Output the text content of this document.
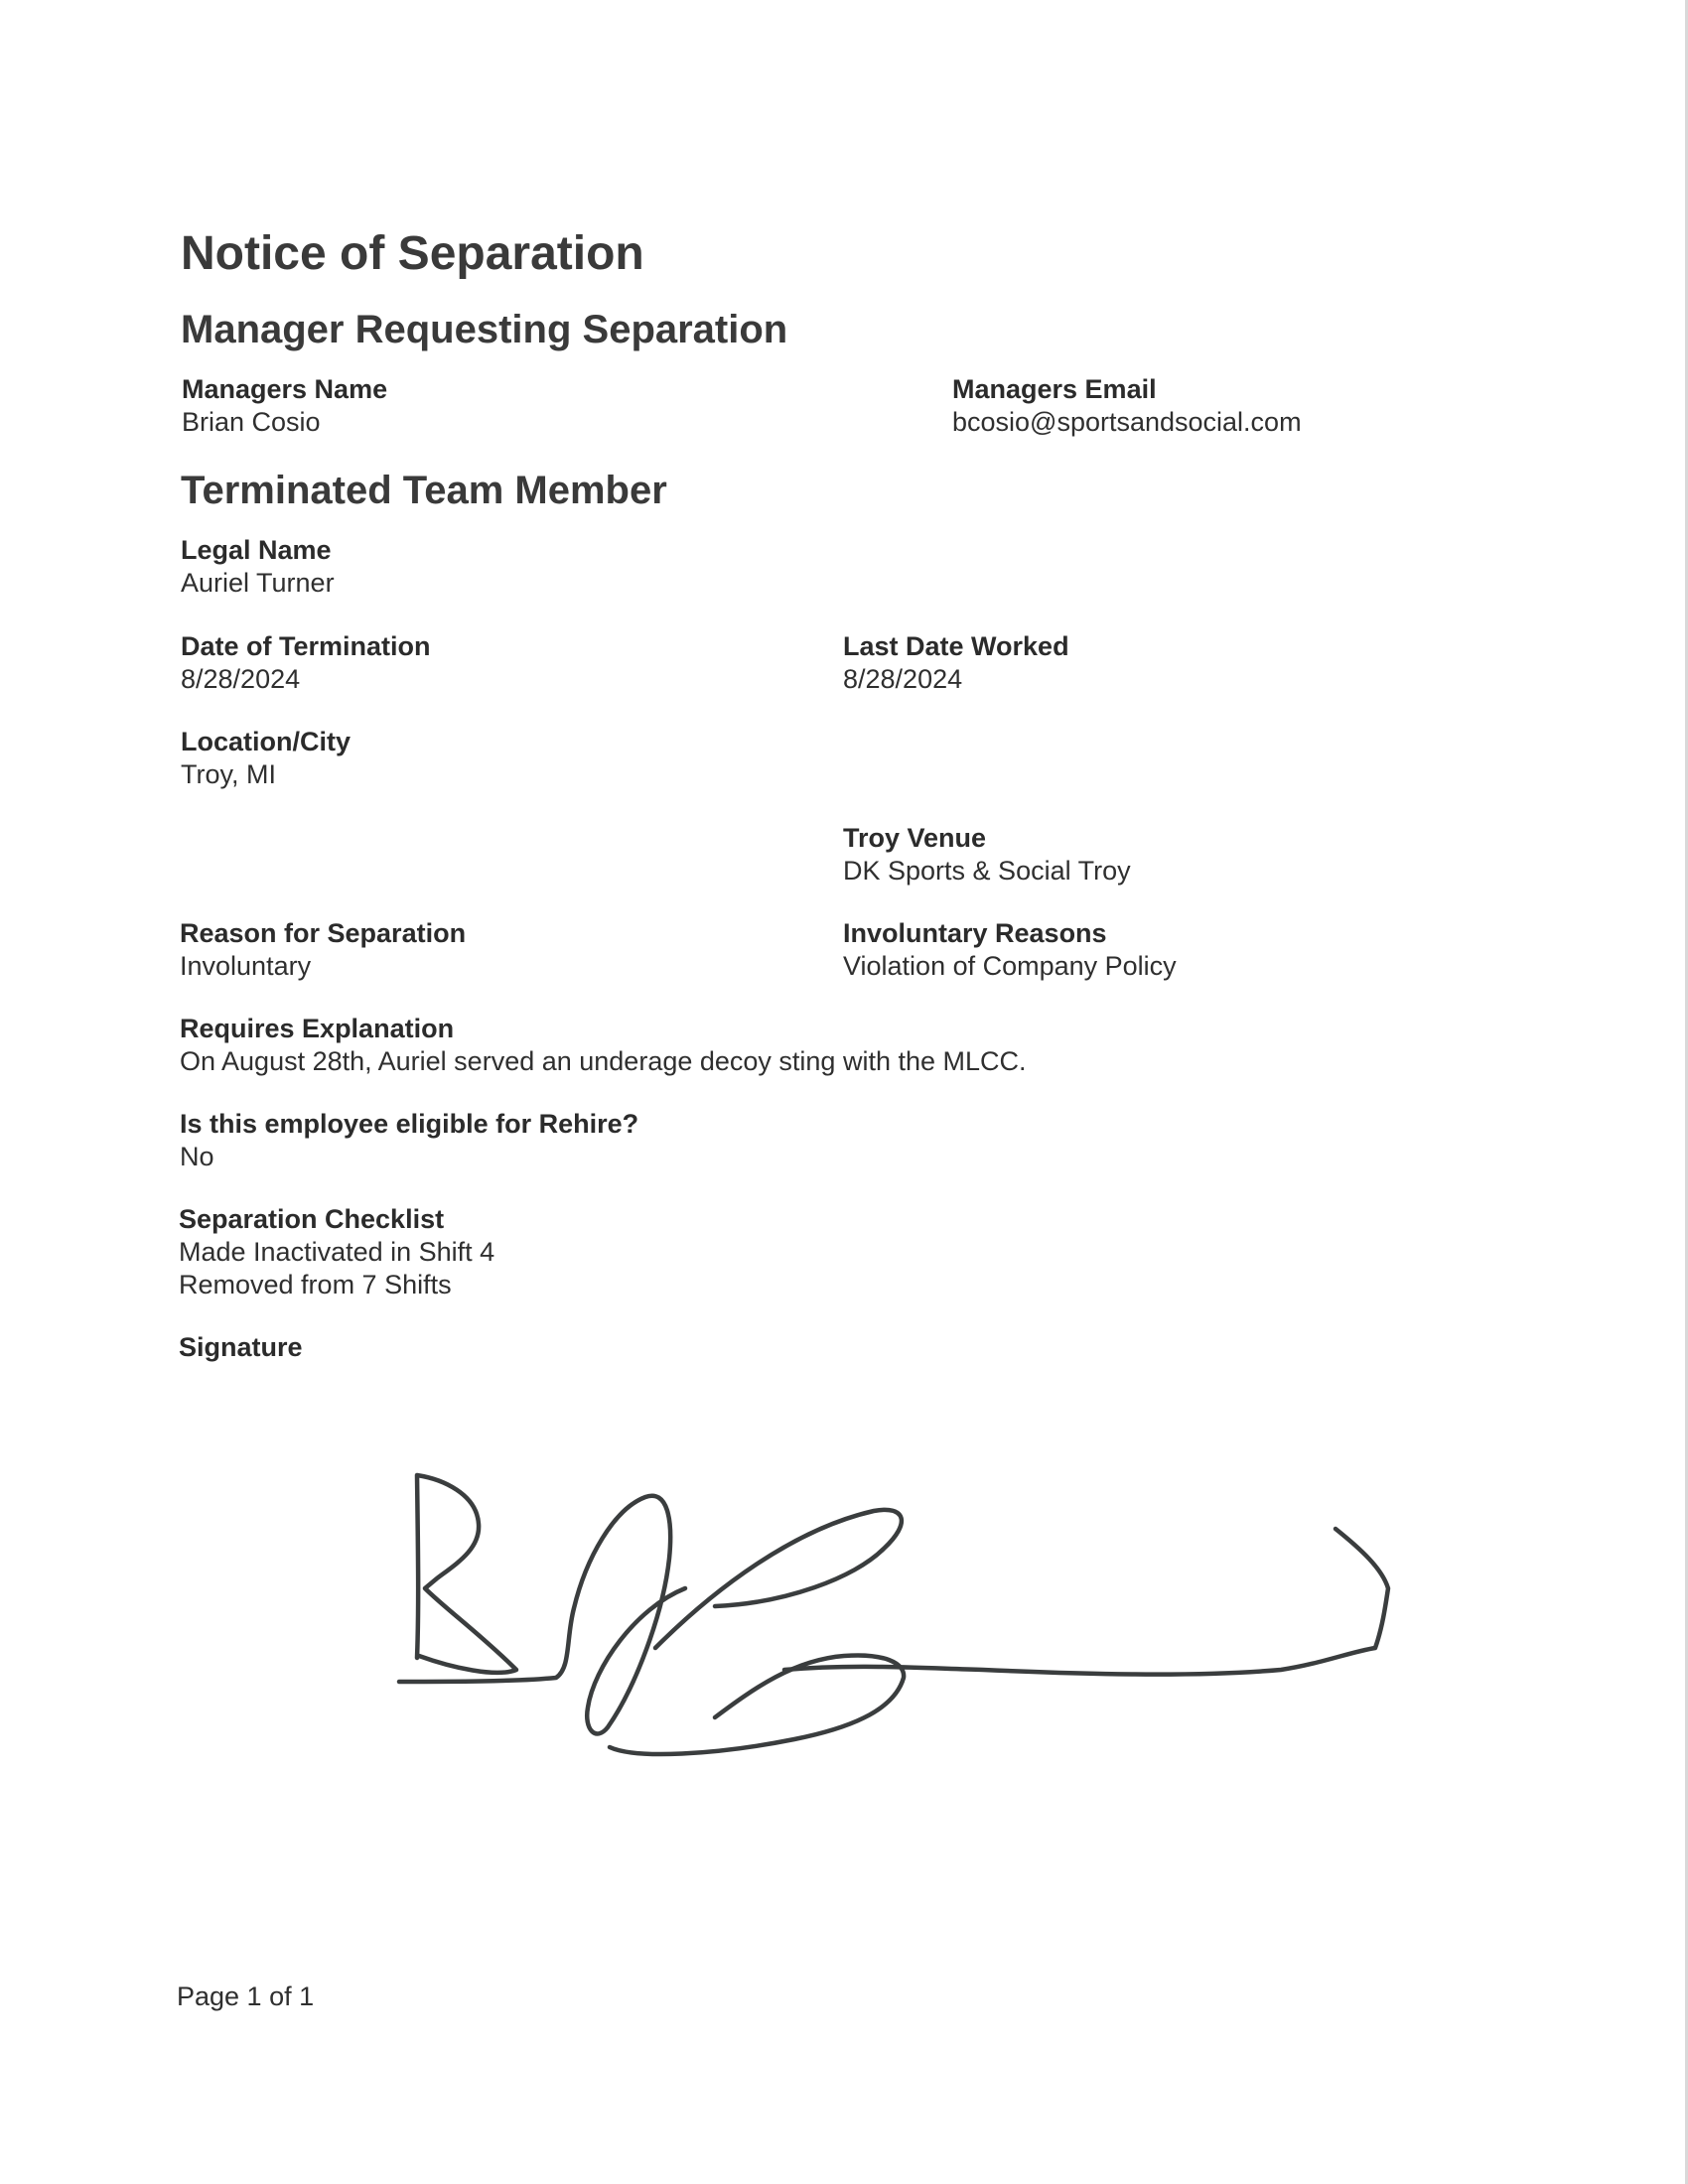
Notice of Separation
Manager Requesting Separation
Managers Name
Brian Cosio
Managers Email
bcosio@sportsandsocial.com
Terminated Team Member
Legal Name
Auriel Turner
Date of Termination
8/28/2024
Last Date Worked
8/28/2024
Location/City
Troy, MI
Troy Venue
DK Sports & Social Troy
Reason for Separation
Involuntary
Involuntary Reasons
Violation of Company Policy
Requires Explanation
On August 28th, Auriel served an underage decoy sting with the MLCC.
Is this employee eligible for Rehire?
No
Separation Checklist
Made Inactivated in Shift 4
Removed from 7 Shifts
Signature
Page 1 of 1
